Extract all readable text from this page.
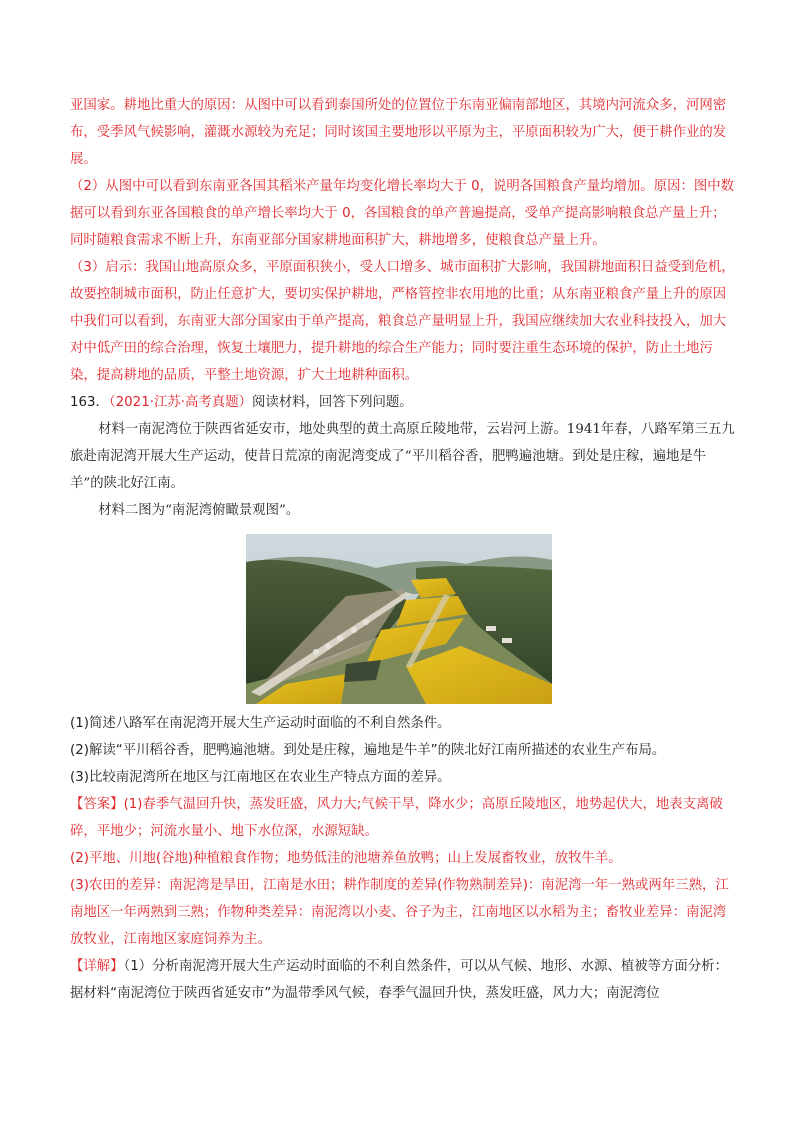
亚国家。耕地比重大的原因：从图中可以看到泰国所处的位置位于东南亚偏南部地区，其境内河流众多，河网密布，受季风气候影响，灌溉水源较为充足；同时该国主要地形以平原为主，平原面积较为广大，便于耕作业的发展。

（2）从图中可以看到东南亚各国其稻米产量年均变化增长率均大于 0，说明各国粮食产量均增加。原因：图中数据可以看到东亚各国粮食的单产增长率均大于 0，各国粮食的单产普遍提高，受单产提高影响粮食总产量上升；同时随粮食需求不断上升，东南亚部分国家耕地面积扩大，耕地增多，使粮食总产量上升。

（3）启示：我国山地高原众多，平原面积狭小，受人口增多、城市面积扩大影响，我国耕地面积日益受到危机，故要控制城市面积，防止任意扩大，要切实保护耕地，严格管控非农用地的比重；从东南亚粮食产量上升的原因中我们可以看到，东南亚大部分国家由于单产提高，粮食总产量明显上升，我国应继续加大农业科技投入，加大对中低产田的综合治理，恢复土壤肥力，提升耕地的综合生产能力；同时要注重生态环境的保护，防止土地污染，提高耕地的品质，平整土地资源，扩大土地耕种面积。

163．（2021·江苏·高考真题）阅读材料，回答下列问题。

材料一南泥湾位于陕西省延安市，地处典型的黄土高原丘陵地带，云岩河上游。1941年春，八路军第三五九旅赴南泥湾开展大生产运动，使昔日荒凉的南泥湾变成了“平川稻谷香，肥鸭遍池塘。到处是庄稼，遍地是牛羊”的陕北好江南。

材料二图为“南泥湾俯瞰景观图”。

(1)简述八路军在南泥湾开展大生产运动时面临的不利自然条件。

(2)解读“平川稻谷香，肥鸭遍池塘。到处是庄稼，遍地是牛羊”的陕北好江南所描述的农业生产布局。

(3)比较南泥湾所在地区与江南地区在农业生产特点方面的差异。

【答案】(1)春季气温回升快，蒸发旺盛，风力大;气候干旱，降水少；高原丘陵地区，地势起伏大，地表支离破碎，平地少；河流水量小、地下水位深，水源短缺。

(2)平地、川地(谷地)种植粮食作物；地势低洼的池塘养鱼放鸭；山上发展畜牧业，放牧牛羊。

(3)农田的差异：南泥湾是旱田，江南是水田；耕作制度的差异(作物熟制差异)：南泥湾一年一熟或两年三熟，江南地区一年两熟到三熟；作物种类差异：南泥湾以小麦、谷子为主，江南地区以水稻为主；畜牧业差异：南泥湾放牧业，江南地区家庭饲养为主。

【详解】（1）分析南泥湾开展大生产运动时面临的不利自然条件，可以从气候、地形、水源、植被等方面分析：据材料“南泥湾位于陕西省延安市”为温带季风气候，春季气温回升快，蒸发旺盛，风力大；南泥湾位
